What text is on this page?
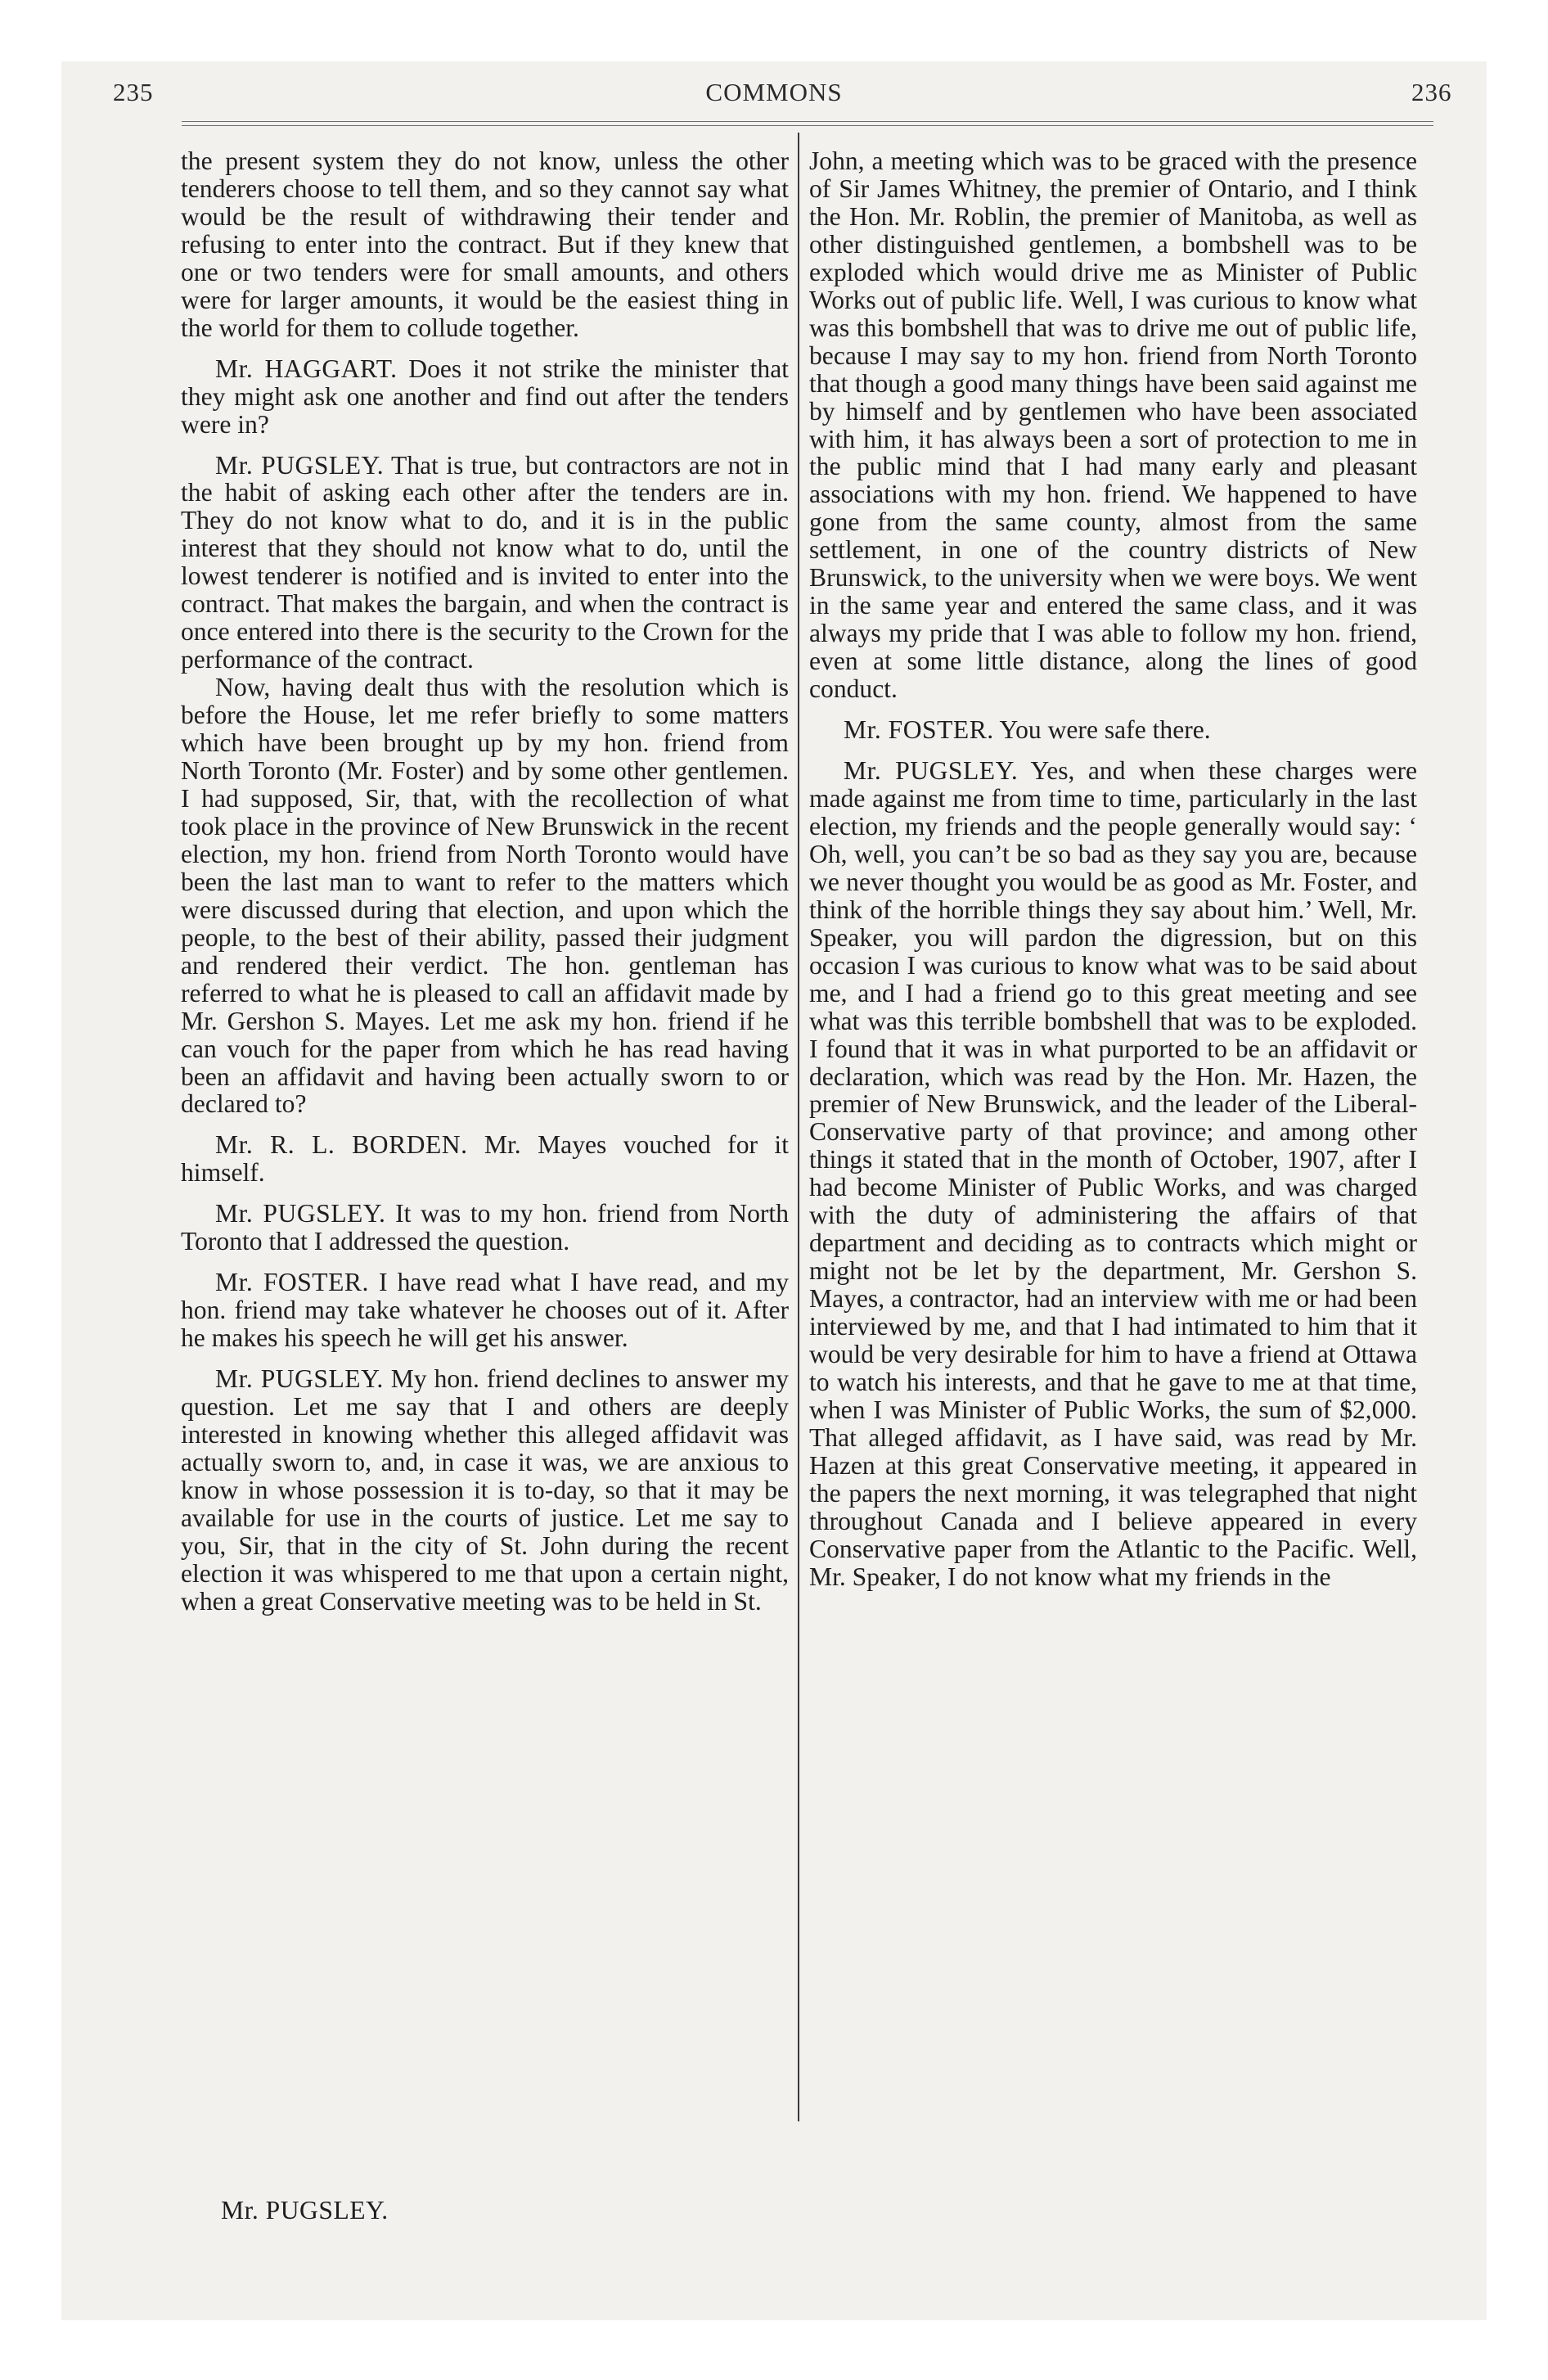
235	COMMONS	236

the present system they do not know, unless the other tenderers choose to tell them, and so they cannot say what would be the result of withdrawing their tender and refusing to enter into the contract. But if they knew that one or two tenders were for small amounts, and others were for larger amounts, it would be the easiest thing in the world for them to collude together.

Mr. HAGGART. Does it not strike the minister that they might ask one another and find out after the tenders were in?

Mr. PUGSLEY. That is true, but contractors are not in the habit of asking each other after the tenders are in. They do not know what to do, and it is in the public interest that they should not know what to do, until the lowest tenderer is notified and is invited to enter into the contract. That makes the bargain, and when the contract is once entered into there is the security to the Crown for the performance of the contract.

Now, having dealt thus with the resolution which is before the House, let me refer briefly to some matters which have been brought up by my hon. friend from North Toronto (Mr. Foster) and by some other gentlemen. I had supposed, Sir, that, with the recollection of what took place in the province of New Brunswick in the recent election, my hon. friend from North Toronto would have been the last man to want to refer to the matters which were discussed during that election, and upon which the people, to the best of their ability, passed their judgment and rendered their verdict. The hon. gentleman has referred to what he is pleased to call an affidavit made by Mr. Gershon S. Mayes. Let me ask my hon. friend if he can vouch for the paper from which he has read having been an affidavit and having been actually sworn to or declared to?

Mr. R. L. BORDEN. Mr. Mayes vouched for it himself.

Mr. PUGSLEY. It was to my hon. friend from North Toronto that I addressed the question.

Mr. FOSTER. I have read what I have read, and my hon. friend may take whatever he chooses out of it. After he makes his speech he will get his answer.

Mr. PUGSLEY. My hon. friend declines to answer my question. Let me say that I and others are deeply interested in knowing whether this alleged affidavit was actually sworn to, and, in case it was, we are anxious to know in whose possession it is to-day, so that it may be available for use in the courts of justice. Let me say to you, Sir, that in the city of St. John during the recent election it was whispered to me that upon a certain night, when a great Conservative meeting was to be held in St.

John, a meeting which was to be graced with the presence of Sir James Whitney, the premier of Ontario, and I think the Hon. Mr. Roblin, the premier of Manitoba, as well as other distinguished gentlemen, a bombshell was to be exploded which would drive me as Minister of Public Works out of public life. Well, I was curious to know what was this bombshell that was to drive me out of public life, because I may say to my hon. friend from North Toronto that though a good many things have been said against me by himself and by gentlemen who have been associated with him, it has always been a sort of protection to me in the public mind that I had many early and pleasant associations with my hon. friend. We happened to have gone from the same county, almost from the same settlement, in one of the country districts of New Brunswick, to the university when we were boys. We went in the same year and entered the same class, and it was always my pride that I was able to follow my hon. friend, even at some little distance, along the lines of good conduct.

Mr. FOSTER. You were safe there.

Mr. PUGSLEY. Yes, and when these charges were made against me from time to time, particularly in the last election, my friends and the people generally would say: ‘ Oh, well, you can’t be so bad as they say you are, because we never thought you would be as good as Mr. Foster, and think of the horrible things they say about him.’ Well, Mr. Speaker, you will pardon the digression, but on this occasion I was curious to know what was to be said about me, and I had a friend go to this great meeting and see what was this terrible bombshell that was to be exploded. I found that it was in what purported to be an affidavit or declaration, which was read by the Hon. Mr. Hazen, the premier of New Brunswick, and the leader of the Liberal-Conservative party of that province; and among other things it stated that in the month of October, 1907, after I had become Minister of Public Works, and was charged with the duty of administering the affairs of that department and deciding as to contracts which might or might not be let by the department, Mr. Gershon S. Mayes, a contractor, had an interview with me or had been interviewed by me, and that I had intimated to him that it would be very desirable for him to have a friend at Ottawa to watch his interests, and that he gave to me at that time, when I was Minister of Public Works, the sum of $2,000. That alleged affidavit, as I have said, was read by Mr. Hazen at this great Conservative meeting, it appeared in the papers the next morning, it was telegraphed that night throughout Canada and I believe appeared in every Conservative paper from the Atlantic to the Pacific. Well, Mr. Speaker, I do not know what my friends in the

Mr. PUGSLEY.
